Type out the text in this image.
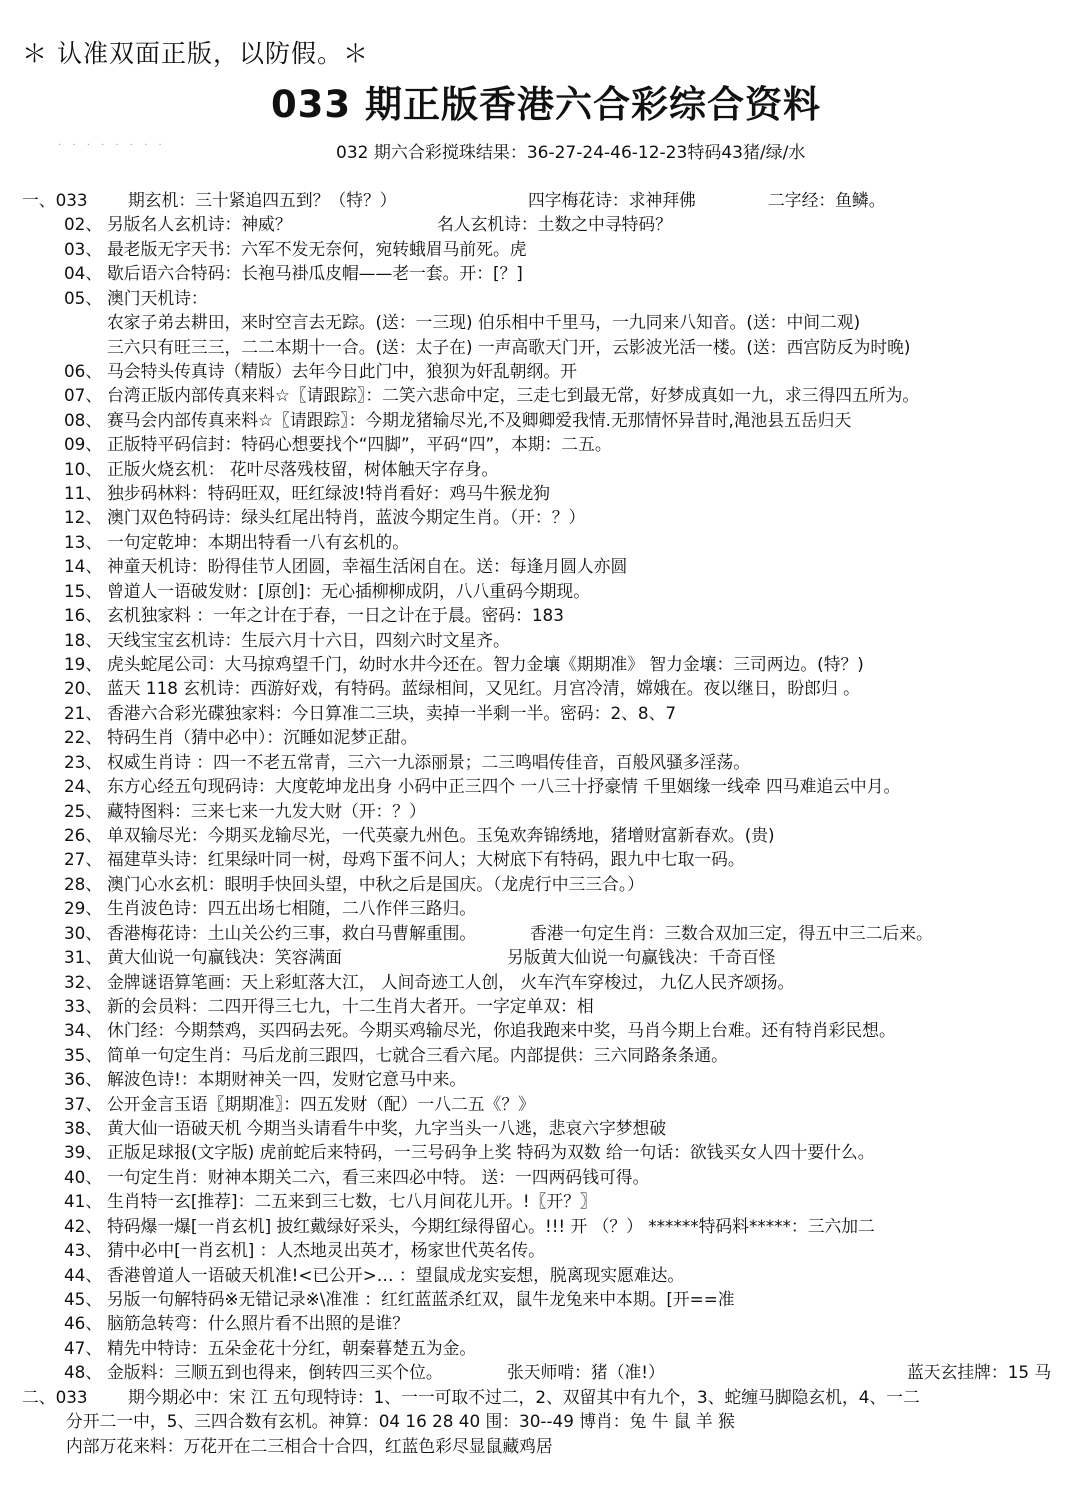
＊ 认准双面正版，以防假。＊
033 期正版香港六合彩综合资料
· · · · · · · ·	032 期六合彩搅珠结果：36-27-24-46-12-23特码43猪/绿/水
一、033 期玄机：三十紧追四五到？（特？）	四字梅花诗：求神拜佛	二字经：鱼鳞。
02、 另版名人玄机诗：神威？	名人玄机诗：土数之中寻特码？
03、 最老版无字天书：六军不发无奈何，宛转蛾眉马前死。虎
04、 歇后语六合特码：长袍马褂瓜皮帽——老一套。开：[？]
05、 澳门天机诗：
农家子弟去耕田，来时空言去无踪。(送：一三现) 伯乐相中千里马，一九同来八知音。(送：中间二观)
三六只有旺三三，二二本期十一合。(送：太子在) 一声高歌天门开，云影波光活一楼。(送：西宫防反为时晚)
06、 马会特头传真诗（精版）去年今日此门中，狼狈为奸乱朝纲。开
07、 台湾正版内部传真来料☆〖请跟踪〗：二笑六悲命中定，三走七到最无常，好梦成真如一九，求三得四五所为。
08、 赛马会内部传真来料☆〖请跟踪〗：今期龙猪输尽光,不及卿卿爱我情.无那情怀异昔时,渑池县五岳归天
09、 正版特平码信封：特码心想要找个“四脚”，平码“四”，本期：二五。
10、 正版火烧玄机： 花叶尽落残枝留，树体触天字存身。
11、 独步码林料：特码旺双，旺红绿波!特肖看好：鸡马牛猴龙狗
12、 澳门双色特码诗：绿头红尾出特肖，蓝波今期定生肖。（开：？）
13、 一句定乾坤：本期出特看一八有玄机的。
14、 神童天机诗：盼得佳节人团圆，幸福生活闲自在。送：每逢月圆人亦圆
15、 曾道人一语破发财：[原创]：无心插柳柳成阴，八八重码今期现。
16、 玄机独家料 ：一年之计在于春，一日之计在于晨。密码：183
18、 天线宝宝玄机诗：生辰六月十六日，四刻六时文星齐。
19、 虎头蛇尾公司：大马掠鸡望千门，幼时水井今还在。智力金壤《期期准》 智力金壤：三司两边。(特？)
20、 蓝天 118 玄机诗：西游好戏，有特码。蓝绿相间，又见红。月宫冷清，嫦娥在。夜以继日，盼郎归 。
21、 香港六合彩光碟独家料：今日算准二三块，卖掉一半剩一半。密码：2、8、7
22、 特码生肖（猜中必中）：沉睡如泥梦正甜。
23、 权威生肖诗 ：四一不老五常青，三六一九添丽景；二三鸣唱传佳音，百般风骚多淫荡。
24、 东方心经五句现码诗：大度乾坤龙出身 小码中正三四个 一八三十抒豪情 千里姻缘一线牵 四马难追云中月。
25、 藏特图料：三来七来一九发大财（开：？）
26、 单双输尽光：今期买龙输尽光，一代英豪九州色。玉兔欢奔锦绣地，猪增财富新春欢。(贵)
27、 福建草头诗：红果绿叶同一树，母鸡下蛋不问人；大树底下有特码，跟九中七取一码。
28、 澳门心水玄机：眼明手快回头望，中秋之后是国庆。（龙虎行中三三合。）
29、 生肖波色诗：四五出场七相随，二八作伴三路归。
30、 香港梅花诗：土山关公约三事，救白马曹解重围。	香港一句定生肖：三数合双加三定，得五中三二后来。
31、 黄大仙说一句赢钱决：笑容满面	另版黄大仙说一句赢钱决：千奇百怪
32、 金牌谜语算笔画：天上彩虹落大江， 人间奇迹工人创， 火车汽车穿梭过， 九亿人民齐颂扬。
33、 新的会员料：二四开得三七九，十二生肖大者开。一字定单双：相
34、 休门经：今期禁鸡，买四码去死。今期买鸡输尽光，你追我跑来中奖，马肖今期上台难。还有特肖彩民想。
35、 简单一句定生肖：马后龙前三跟四，七就合三看六尾。内部提供：三六同路条条通。
36、 解波色诗!：本期财神关一四，发财它意马中来。
37、 公开金言玉语〖期期准〗：四五发财（配）一八二五《？》
38、 黄大仙一语破天机 今期当头请看牛中奖，九字当头一八逃，悲哀六字梦想破
39、 正版足球报(文字版) 虎前蛇后来特码，一三号码争上奖 特码为双数 给一句话：欲钱买女人四十要什么。
40、 一句定生肖：财神本期关二六，看三来四必中特。 送：一四两码钱可得。
41、 生肖特一玄[推荐]：二五来到三七数，七八月间花儿开。!〖开？〗
42、 特码爆一爆[一肖玄机] 披红戴绿好采头，今期红绿得留心。!!! 开 （？） ******特码料*****：三六加二
43、 猜中必中[一肖玄机] ：人杰地灵出英才，杨家世代英名传。
44、 香港曾道人一语破天机准!<已公开>… ：望鼠成龙实妄想，脱离现实愿难达。
45、 另版一句解特码※无错记录※\准准 ：红红蓝蓝杀红双，鼠牛龙兔来中本期。[开==准
46、 脑筋急转弯：什么照片看不出照的是谁？
47、 精先中特诗：五朵金花十分红，朝秦暮楚五为金。
48、 金版料：三顺五到也得来，倒转四三买个位。	张天师啃：猪（准!）	蓝天玄挂牌：15 马
二、033 期今期必中：宋 江 五句现特诗：1、一一可取不过二，2、双留其中有九个，3、蛇缠马脚隐玄机，4、一二
分开二一中，5、三四合数有玄机。神算：04 16 28 40 围：30--49 博肖：兔 牛 鼠 羊 猴
内部万花来料：万花开在二三相合十合四，红蓝色彩尽显鼠藏鸡居
